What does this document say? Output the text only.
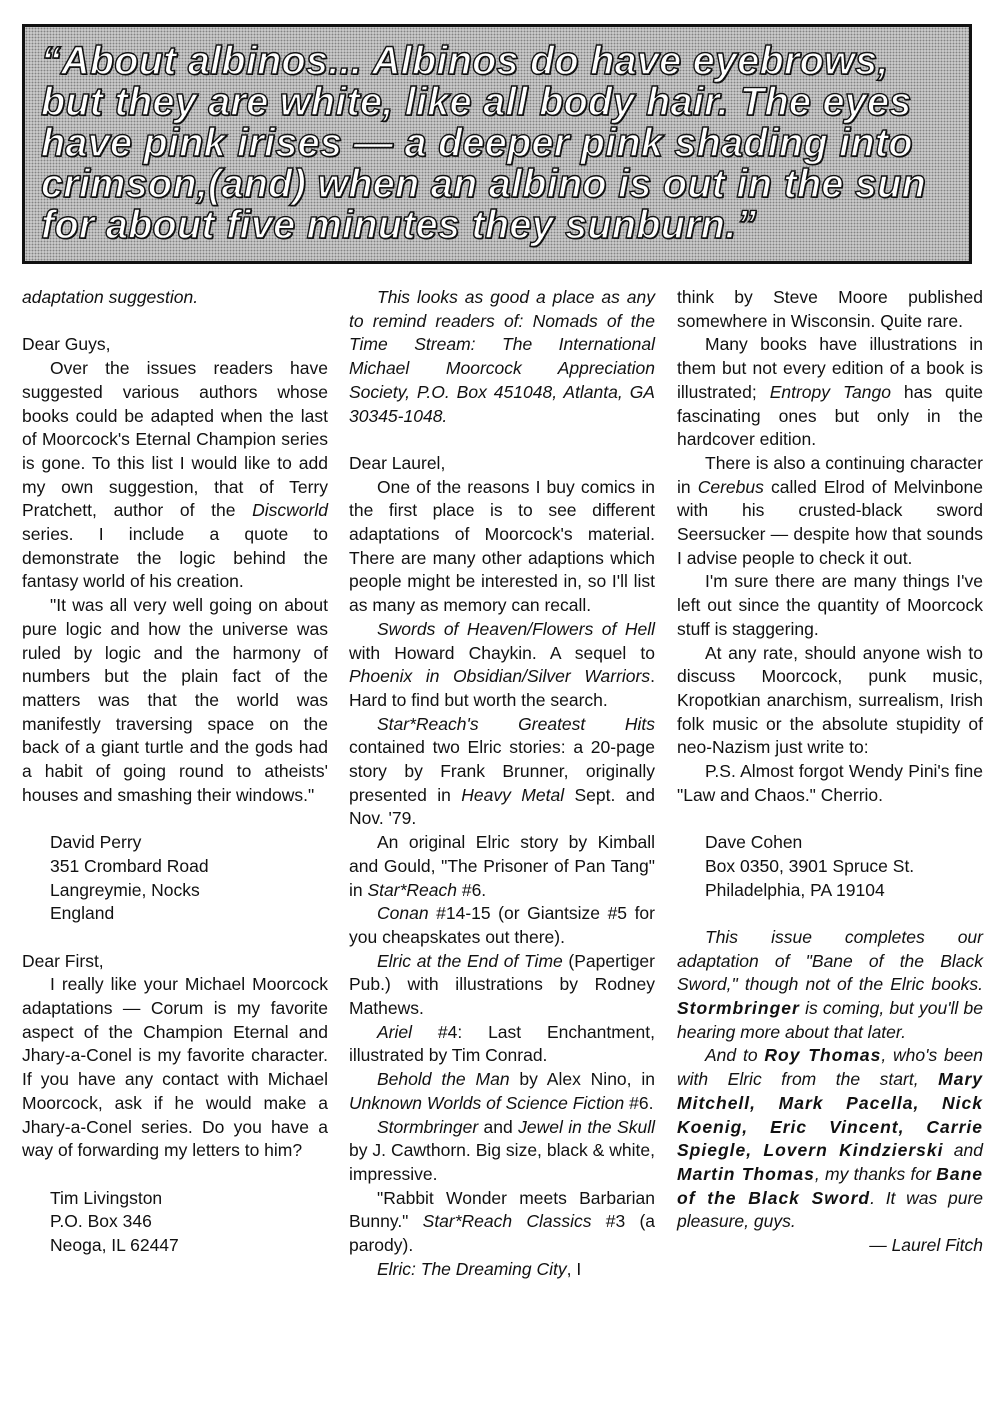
“About albinos... Albinos do have eyebrows,

but they are white, like all body hair. The eyes

have pink irises — a deeper pink shading into

crimson,(and) when an albino is out in the sun

for about five minutes they sunburn.”

adaptation suggestion.

Dear Guys,

Over the issues readers have suggested various authors whose books could be adapted when the last of Moorcock's Eternal Champion series is gone. To this list I would like to add my own suggestion, that of Terry Pratchett, author of the Discworld series. I include a quote to demonstrate the logic behind the fantasy world of his creation.

"It was all very well going on about pure logic and how the universe was ruled by logic and the harmony of numbers but the plain fact of the matters was that the world was manifestly traversing space on the back of a giant turtle and the gods had a habit of going round to atheists' houses and smashing their windows."

David Perry

351 Crombard Road

Langreymie, Nocks

England

Dear First,

I really like your Michael Moorcock adaptations — Corum is my favorite aspect of the Champion Eternal and Jhary-a-Conel is my favorite character. If you have any contact with Michael Moorcock, ask if he would make a Jhary-a-Conel series. Do you have a way of forwarding my letters to him?

Tim Livingston

P.O. Box 346

Neoga, IL 62447

This looks as good a place as any to remind readers of: Nomads of the Time Stream: The International Michael Moorcock Appreciation Society, P.O. Box 451048, Atlanta, GA 30345-1048.

Dear Laurel,

One of the reasons I buy comics in the first place is to see different adaptations of Moorcock's material. There are many other adaptions which people might be interested in, so I'll list as many as memory can recall.

Swords of Heaven/Flowers of Hell with Howard Chaykin. A sequel to Phoenix in Obsidian/Silver Warriors. Hard to find but worth the search.

Star*Reach's Greatest Hits contained two Elric stories: a 20-page story by Frank Brunner, originally presented in Heavy Metal Sept. and Nov. '79.

An original Elric story by Kimball and Gould, "The Prisoner of Pan Tang" in Star*Reach #6.

Conan #14-15 (or Giantsize #5 for you cheapskates out there).

Elric at the End of Time (Papertiger Pub.) with illustrations by Rodney Mathews.

Ariel #4: Last Enchantment, illustrated by Tim Conrad.

Behold the Man by Alex Nino, in Unknown Worlds of Science Fiction #6.

Stormbringer and Jewel in the Skull by J. Cawthorn. Big size, black & white, impressive.

"Rabbit Wonder meets Barbarian Bunny." Star*Reach Classics #3 (a parody).

Elric: The Dreaming City, I

think by Steve Moore published somewhere in Wisconsin. Quite rare.

Many books have illustrations in them but not every edition of a book is illustrated; Entropy Tango has quite fascinating ones but only in the hardcover edition.

There is also a continuing character in Cerebus called Elrod of Melvinbone with his crusted-black sword Seersucker — despite how that sounds I advise people to check it out.

I'm sure there are many things I've left out since the quantity of Moorcock stuff is staggering.

At any rate, should anyone wish to discuss Moorcock, punk music, Kropotkian anarchism, surrealism, Irish folk music or the absolute stupidity of neo-Nazism just write to:

P.S. Almost forgot Wendy Pini's fine "Law and Chaos." Cherrio.

Dave Cohen

Box 0350, 3901 Spruce St.

Philadelphia, PA 19104

This issue completes our adaptation of "Bane of the Black Sword," though not of the Elric books. Stormbringer is coming, but you'll be hearing more about that later.

And to Roy Thomas, who's been with Elric from the start, Mary Mitchell, Mark Pacella, Nick Koenig, Eric Vincent, Carrie Spiegle, Lovern Kindzierski and Martin Thomas, my thanks for Bane of the Black Sword. It was pure pleasure, guys.

— Laurel Fitch
